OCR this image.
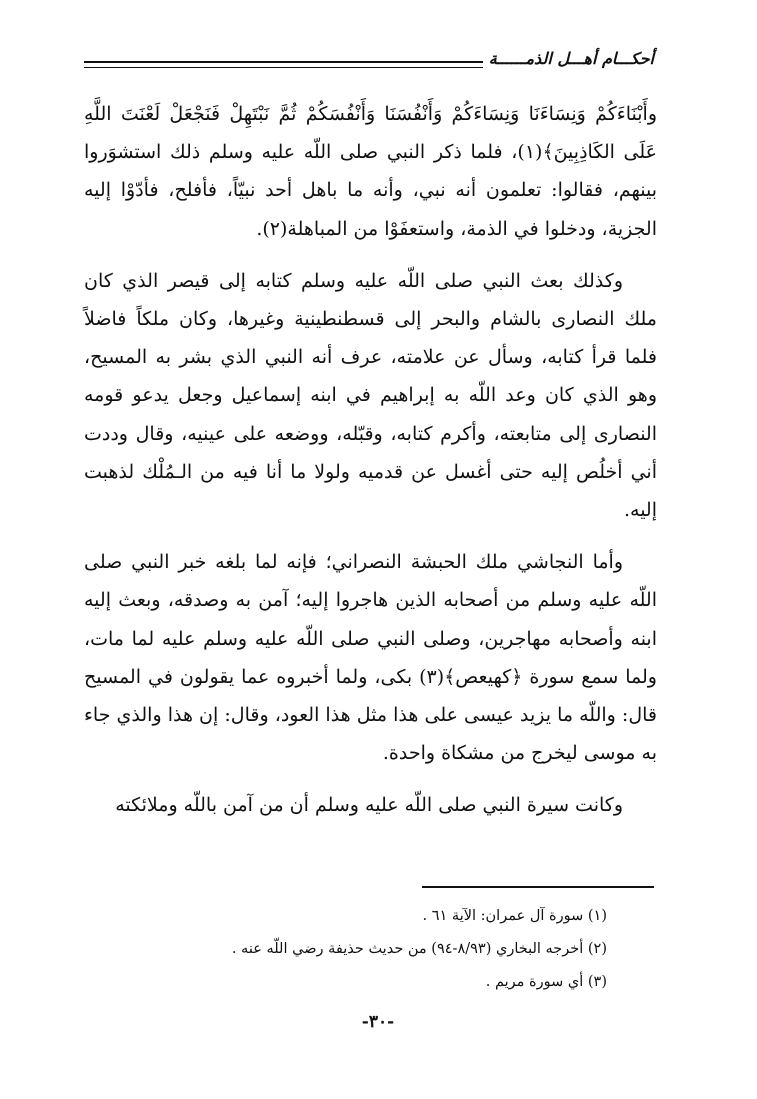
أحكـــام أهـــل الذمــــــة

وأَبْنَاءَكُمْ وَنِسَاءَنَا وَنِسَاءَكُمْ وَأَنْفُسَنَا وَأَنْفُسَكُمْ ثُمَّ نَبْتَهِلْ فَنَجْعَلْ لَعْنَتَ اللَّهِ عَلَى الكَاذِبِينَ﴾(١)، فلما ذكر النبي صلى اللّه عليه وسلم ذلك استشوَروا بينهم، فقالوا: تعلمون أنه نبي، وأنه ما باهل أحد نبيّاً، فأفلح، فأدّوْا إليه الجزية، ودخلوا في الذمة، واستعفَوْا من المباهلة(٢).

وكذلك بعث النبي صلى اللّه عليه وسلم كتابه إلى قيصر الذي كان ملك النصارى بالشام والبحر إلى قسطنطينية وغيرها، وكان ملكاً فاضلاً فلما قرأ كتابه، وسأل عن علامته، عرف أنه النبي الذي بشر به المسيح، وهو الذي كان وعد اللّه به إبراهيم في ابنه إسماعيل وجعل يدعو قومه النصارى إلى متابعته، وأكرم كتابه، وقبّله، ووضعه على عينيه، وقال وددت أني أخلُص إليه حتى أغسل عن قدميه ولولا ما أنا فيه من الـمُلْك لذهبت إليه.

وأما النجاشي ملك الحبشة النصراني؛ فإنه لما بلغه خبر النبي صلى اللّه عليه وسلم من أصحابه الذين هاجروا إليه؛ آمن به وصدقه، وبعث إليه ابنه وأصحابه مهاجرين، وصلى النبي صلى اللّه عليه وسلم عليه لما مات، ولما سمع سورة ﴿كهيعص﴾(٣) بكى، ولما أخبروه عما يقولون في المسيح قال: واللّه ما يزيد عيسى على هذا مثل هذا العود، وقال: إن هذا والذي جاء به موسى ليخرج من مشكاة واحدة.

وكانت سيرة النبي صلى اللّه عليه وسلم أن من آمن باللّه وملائكته

(١) سورة آل عمران: الآية ٦١ .
(٢) أخرجه البخاري (٨/٩٣-٩٤) من حديث حذيفة رضي اللّه عنه .
(٣) أي سورة مريم .
-٣٠-
